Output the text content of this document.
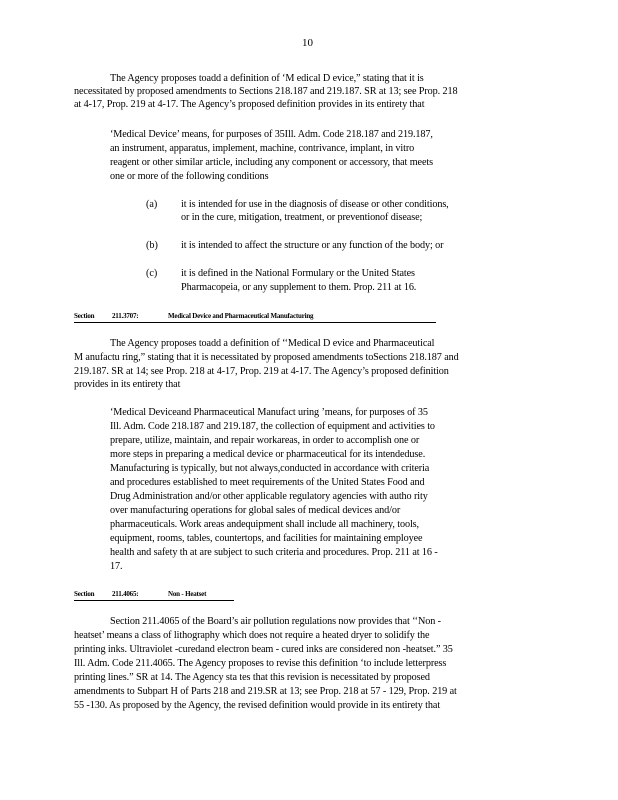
10
The Agency proposes toadd a definition of ‘M edical D evice,” stating that it is
necessitated by proposed amendments to Sections 218.187 and 219.187. SR at 13; see Prop. 218
at 4-17, Prop. 219 at 4-17. The Agency’s proposed definition provides in its entirety that
‘Medical Device’ means, for purposes of 35Ill. Adm. Code 218.187 and 219.187,
an instrument, apparatus, implement, machine, contrivance, implant, in vitro
reagent or other similar article, including any component or accessory, that meets
one or more of the following conditions
(a) it is intended for use in the diagnosis of disease or other conditions,
or in the cure, mitigation, treatment, or preventionof disease;
(b) it is intended to affect the structure or any function of the body; or
(c) it is defined in the National Formulary or the United States
Pharmacopeia, or any supplement to them. Prop. 211 at 16.
Section	211.3707:	Medical Device and Pharmaceutical Manufacturing
The Agency proposes toadd a definition of ‘‘Medical D evice and Pharmaceutical
M anufactu ring,” stating that it is necessitated by proposed amendments toSections 218.187 and
219.187. SR at 14; see Prop. 218 at 4-17, Prop. 219 at 4-17. The Agency’s proposed definition
provides in its entirety that
‘Medical Deviceand Pharmaceutical Manufact uring ’means, for purposes of 35
Ill. Adm. Code 218.187 and 219.187, the collection of equipment and activities to
prepare, utilize, maintain, and repair workareas, in order to accomplish one or
more steps in preparing a medical device or pharmaceutical for its intendeduse.
Manufacturing is typically, but not always,conducted in accordance with criteria
and procedures established to meet requirements of the United States Food and
Drug Administration and/or other applicable regulatory agencies with autho rity
over manufacturing operations for global sales of medical devices and/or
pharmaceuticals. Work areas andequipment shall include all machinery, tools,
equipment, rooms, tables, countertops, and facilities for maintaining employee
health and safety th at are subject to such criteria and procedures. Prop. 211 at 16 -
17.
Section	211.4065:	Non - Heatset
Section 211.4065 of the Board’s air pollution regulations now provides that ‘‘Non -
heatset’ means a class of lithography which does not require a heated dryer to solidify the
printing inks. Ultraviolet -curedand electron beam - cured inks are considered non -heatset.” 35
Ill. Adm. Code 211.4065. The Agency proposes to revise this definition ‘to include letterpress
printing lines.” SR at 14. The Agency sta tes that this revision is necessitated by proposed
amendments to Subpart H of Parts 218 and 219.SR at 13; see Prop. 218 at 57 - 129, Prop. 219 at
55 -130. As proposed by the Agency, the revised definition would provide in its entirety that
